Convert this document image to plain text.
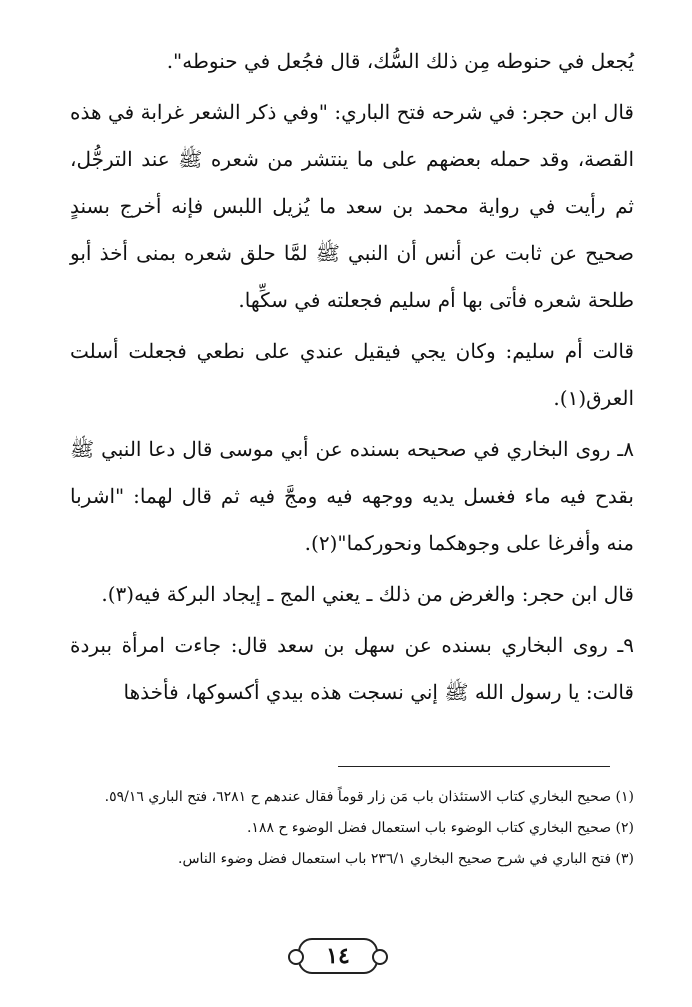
يُجعل في حنوطه مِن ذلك السُّك، قال فجُعل في حنوطه".

قال ابن حجر: في شرحه فتح الباري: "وفي ذكر الشعر غرابة في هذه القصة، وقد حمله بعضهم على ما ينتشر من شعره ﷺ عند الترجُّل، ثم رأيت في رواية محمد بن سعد ما يُزيل اللبس فإنه أخرج بسندٍ صحيح عن ثابت عن أنس أن النبي ﷺ لمَّا حلق شعره بمنى أخذ أبو طلحة شعره فأتى بها أم سليم فجعلته في سكِّها.

قالت أم سليم: وكان يجي فيقيل عندي على نطعي فجعلت أسلت العرق(١).

٨ـ روى البخاري في صحيحه بسنده عن أبي موسى قال دعا النبي ﷺ بقدح فيه ماء فغسل يديه ووجهه فيه ومجَّ فيه ثم قال لهما: "اشربا منه وأفرغا على وجوهكما ونحوركما"(٢).

قال ابن حجر: والغرض من ذلك ـ يعني المج ـ إيجاد البركة فيه(٣).

٩ـ روى البخاري بسنده عن سهل بن سعد قال: جاءت امرأة ببردة قالت: يا رسول الله ﷺ إني نسجت هذه بيدي أكسوكها، فأخذها

(١) صحيح البخاري كتاب الاستئذان باب مَن زار قوماً فقال عندهم ح ٦٢٨١، فتح الباري ٥٩/١٦.

(٢) صحيح البخاري كتاب الوضوء باب استعمال فضل الوضوء ح ١٨٨.

(٣) فتح الباري في شرح صحيح البخاري ٢٣٦/١ باب استعمال فضل وضوء الناس.

١٤
